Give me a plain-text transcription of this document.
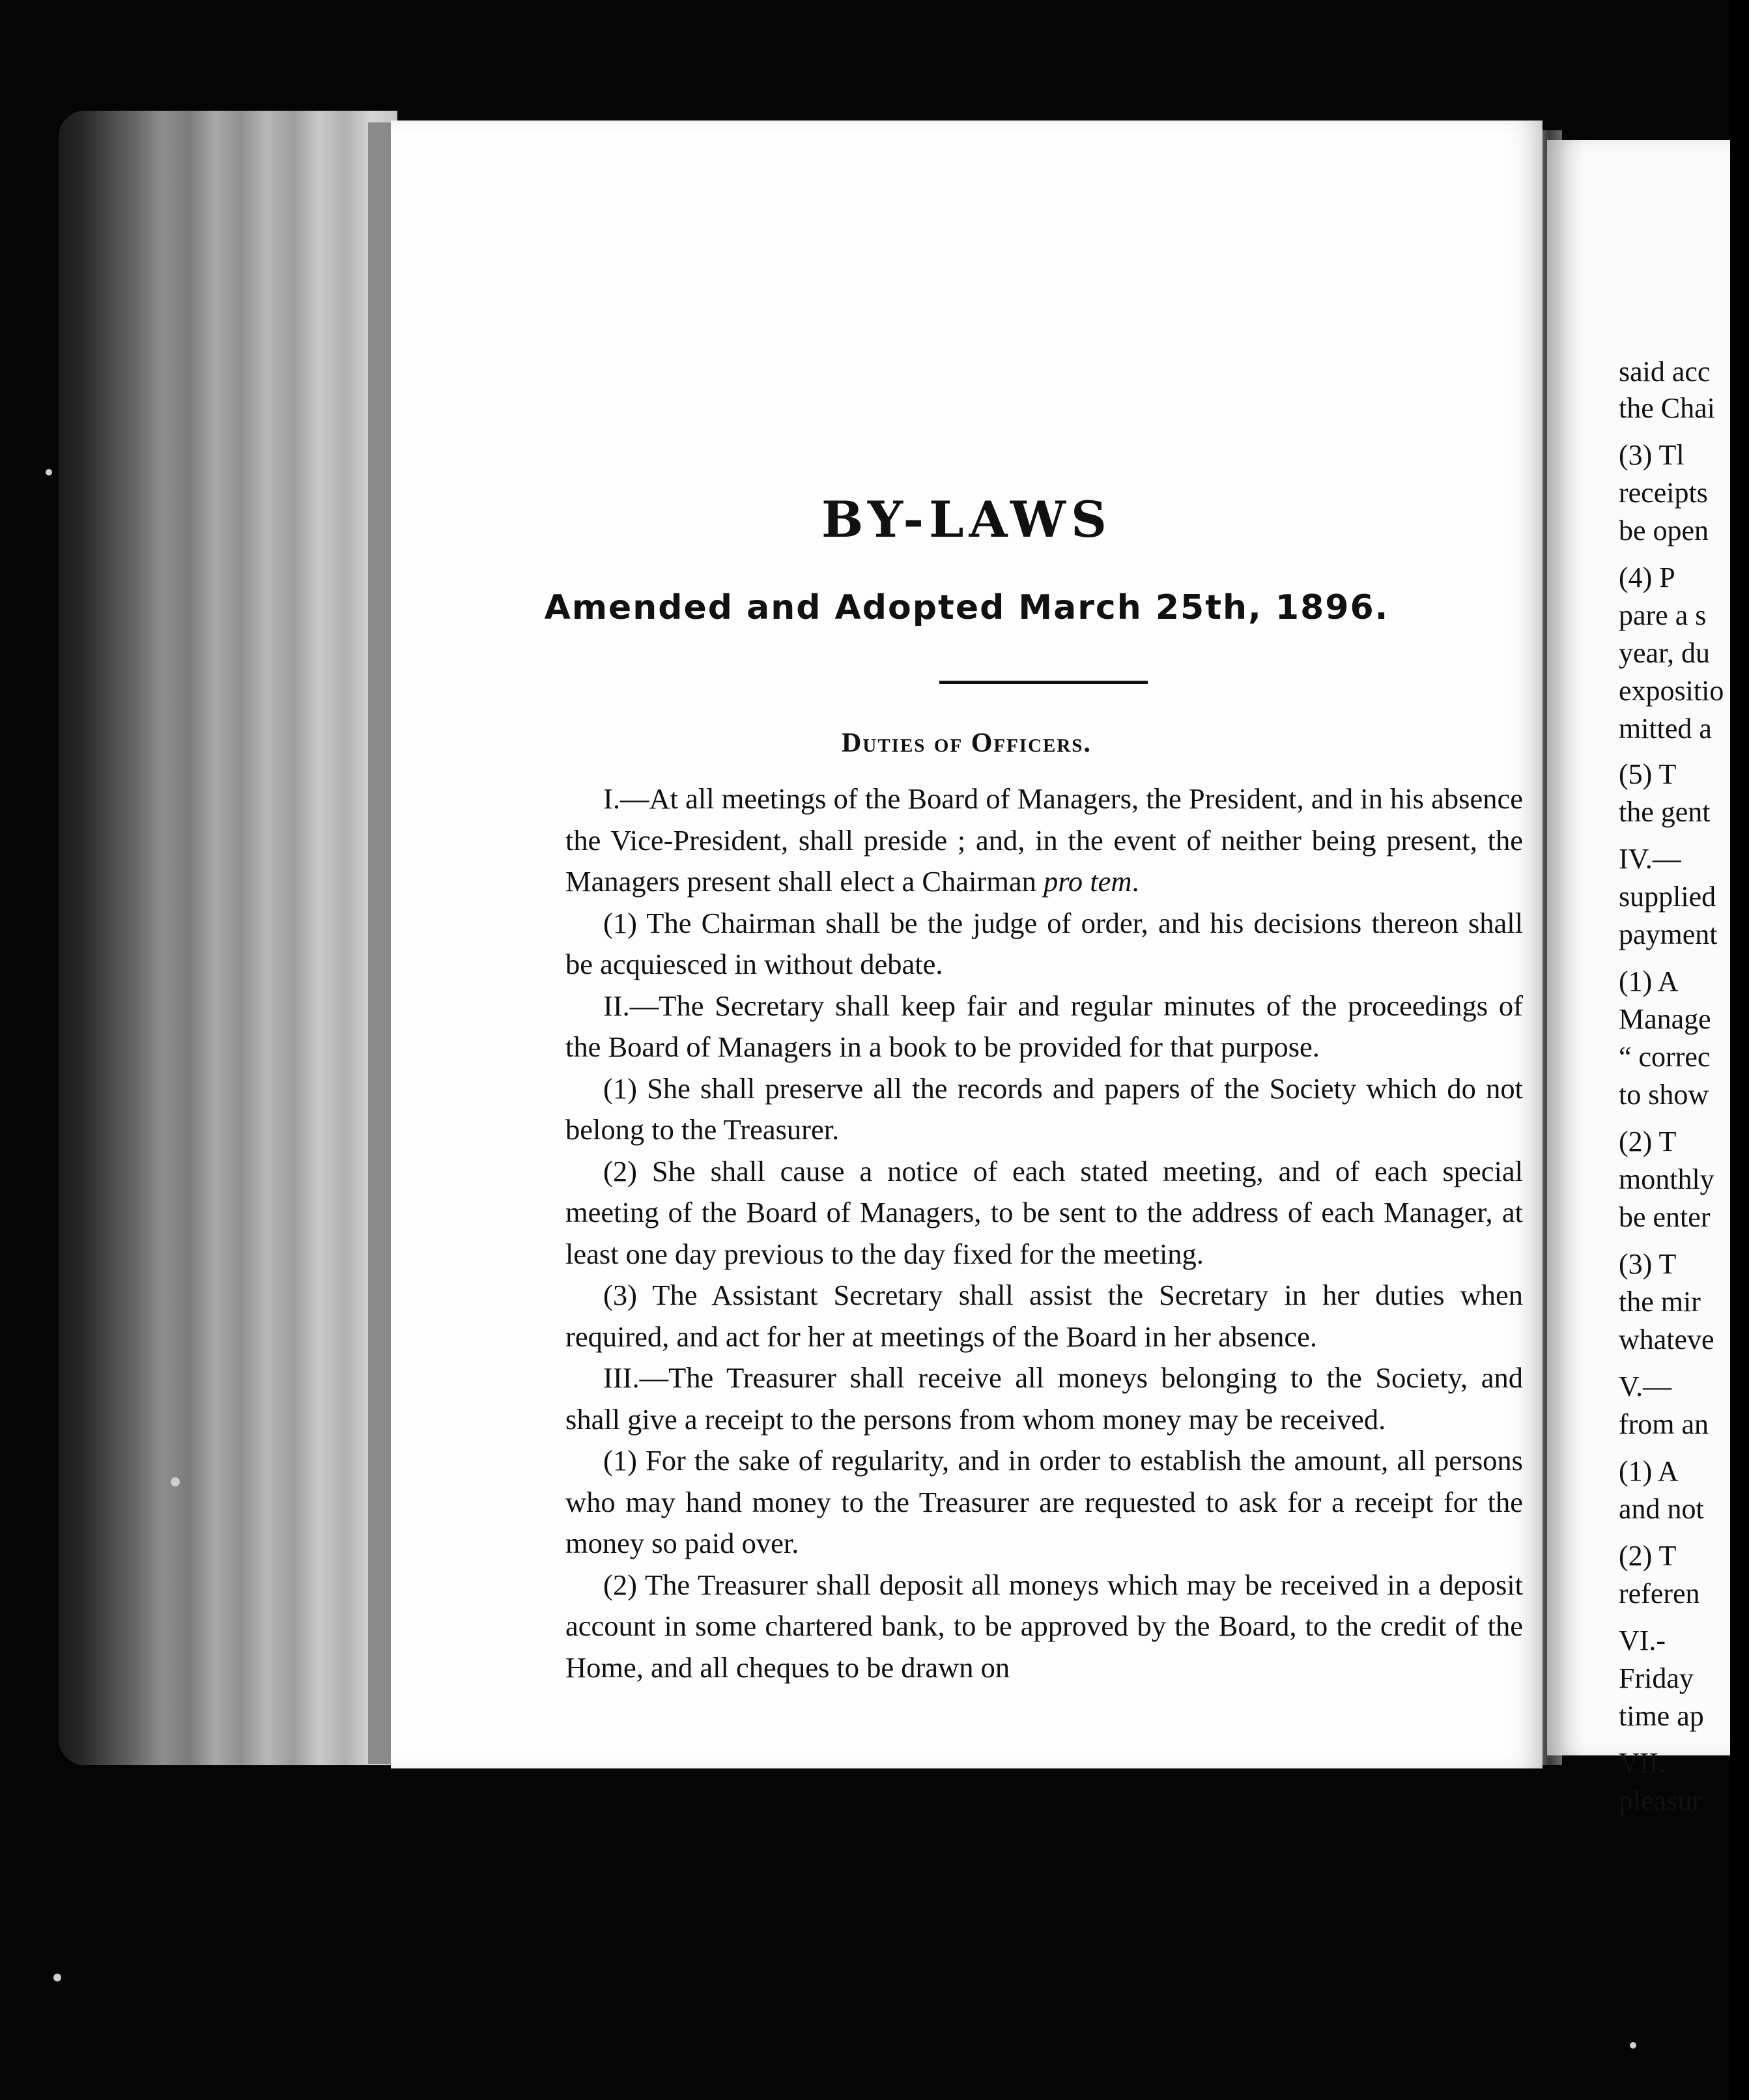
BY-LAWS
Amended and Adopted March 25th, 1896.
Duties of Officers.

I.—At all meetings of the Board of Managers, the President, and in his absence the Vice-President, shall preside ; and, in the event of neither being present, the Managers present shall elect a Chairman pro tem.

(1) The Chairman shall be the judge of order, and his decisions thereon shall be acquiesced in without debate.

II.—The Secretary shall keep fair and regular minutes of the proceedings of the Board of Managers in a book to be provided for that purpose.

(1) She shall preserve all the records and papers of the Society which do not belong to the Treasurer.

(2) She shall cause a notice of each stated meeting, and of each special meeting of the Board of Managers, to be sent to the address of each Manager, at least one day previous to the day fixed for the meeting.

(3) The Assistant Secretary shall assist the Secretary in her duties when required, and act for her at meetings of the Board in her absence.

III.—The Treasurer shall receive all moneys belonging to the Society, and shall give a receipt to the persons from whom money may be received.

(1) For the sake of regularity, and in order to establish the amount, all persons who may hand money to the Treasurer are requested to ask for a receipt for the money so paid over.

(2) The Treasurer shall deposit all moneys which may be received in a deposit account in some chartered bank, to be approved by the Board, to the credit of the Home, and all cheques to be drawn on

said acc
the Chai
(3) Tl
receipts
be open
(4) P
pare a s
year, du
expositio
mitted a
(5) T
the gent
IV.—
supplied
payment
(1) A
Manage
“ correc
to show
(2) T
monthly
be enter
(3) T
the mir
whateve
V.—
from an
(1) A
and not
(2) T
referen
VI.-
Friday
time ap
VII.
pleasur
